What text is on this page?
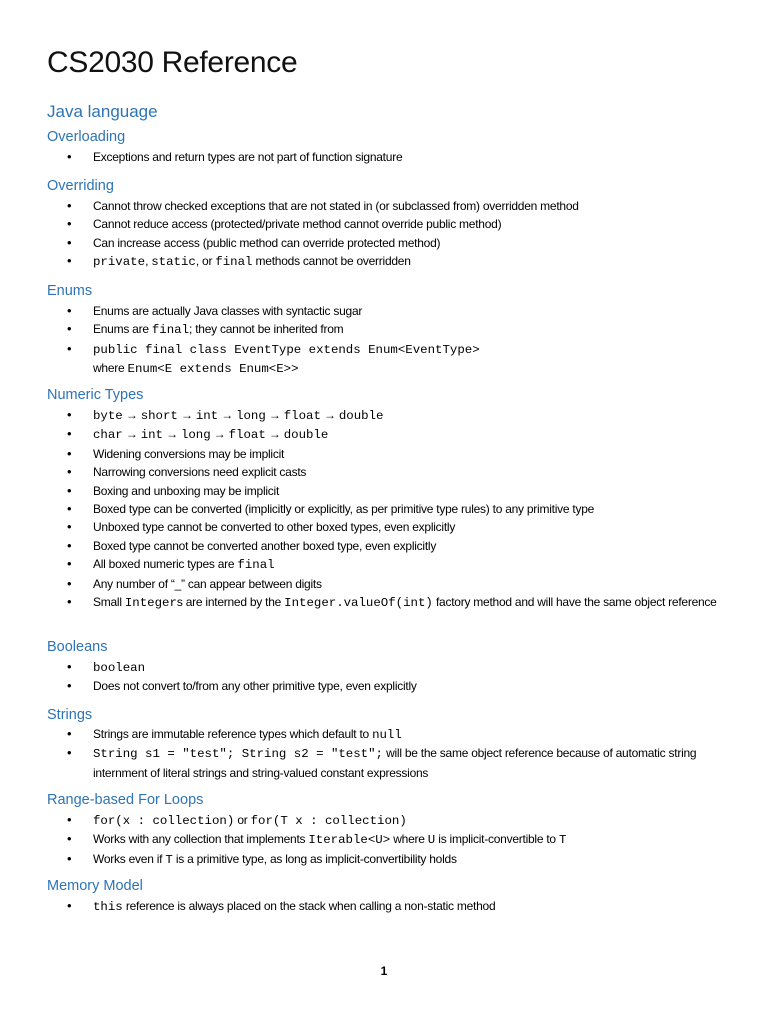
CS2030 Reference
Java language
Overloading
• Exceptions and return types are not part of function signature
Overriding
• Cannot throw checked exceptions that are not stated in (or subclassed from) overridden method
• Cannot reduce access (protected/private method cannot override public method)
• Can increase access (public method can override protected method)
• private, static, or final methods cannot be overridden
Enums
• Enums are actually Java classes with syntactic sugar
• Enums are final; they cannot be inherited from
• public final class EventType extends Enum<EventType>
where Enum<E extends Enum<E>>
Numeric Types
• byte → short → int → long → float → double
• char → int → long → float → double
• Widening conversions may be implicit
• Narrowing conversions need explicit casts
• Boxing and unboxing may be implicit
• Boxed type can be converted (implicitly or explicitly, as per primitive type rules) to any primitive type
• Unboxed type cannot be converted to other boxed types, even explicitly
• Boxed type cannot be converted another boxed type, even explicitly
• All boxed numeric types are final
• Any number of “_” can appear between digits
• Small Integers are interned by the Integer.valueOf(int) factory method and will have the same object reference
Booleans
• boolean
• Does not convert to/from any other primitive type, even explicitly
Strings
• Strings are immutable reference types which default to null
• String s1 = "test"; String s2 = "test"; will be the same object reference because of automatic string internment of literal strings and string-valued constant expressions
Range-based For Loops
• for(x : collection) or for(T x : collection)
• Works with any collection that implements Iterable<U> where U is implicit-convertible to T
• Works even if T is a primitive type, as long as implicit-convertibility holds
Memory Model
• this reference is always placed on the stack when calling a non-static method
1
